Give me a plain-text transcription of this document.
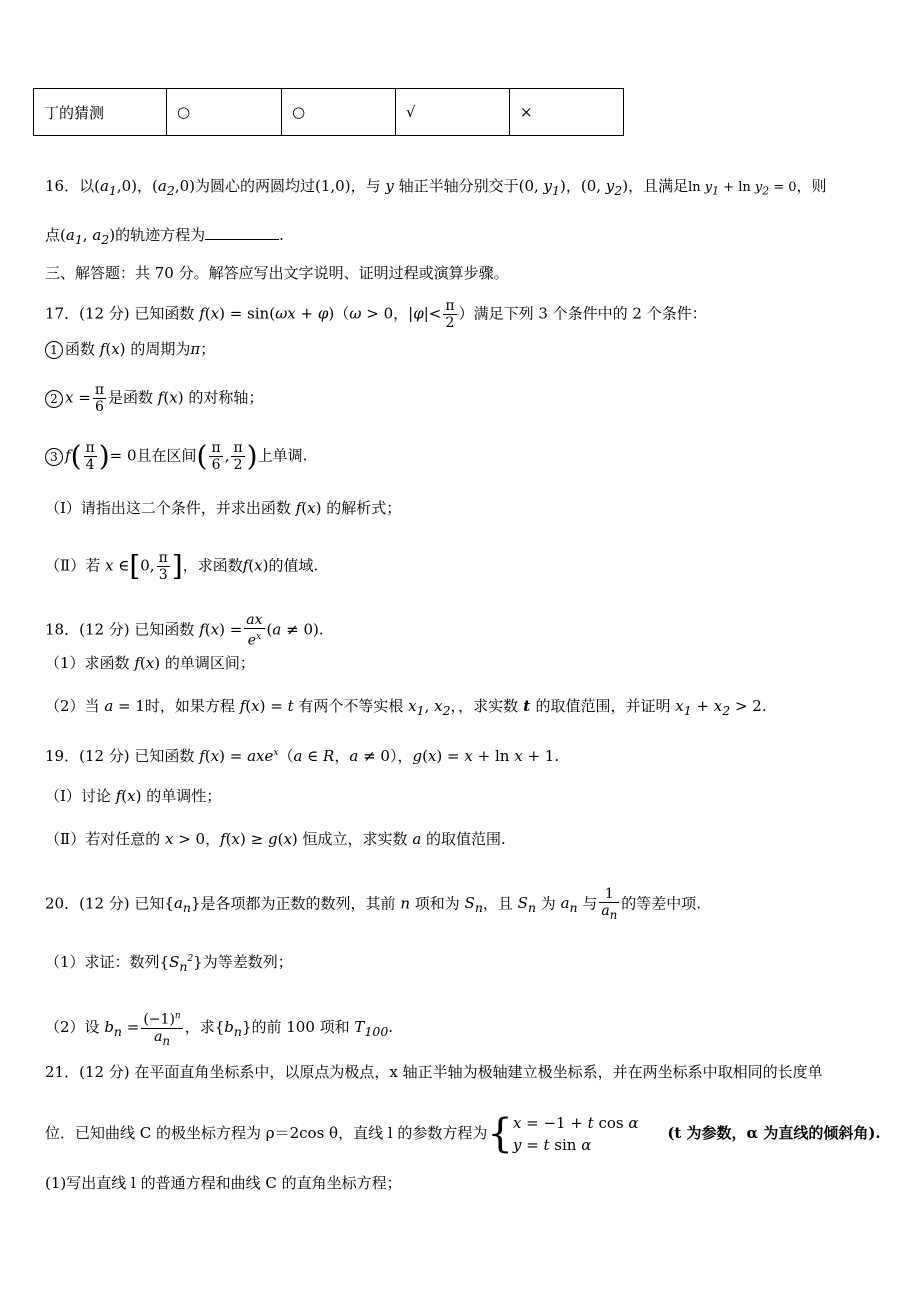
丁的猜测	○	○	√	×
16．以$(a_1,0)$，$(a_2,0)$为圆心的两圆均过(1,0)，与 y 轴正半轴分别交于(0, $y_1$)，(0, $y_2$)，且满足$\ln y_1 + \ln y_2 = 0$，则
点($a_1$, $a_2$)的轨迹方程为	.
三、解答题：共 70 分。解答应写出文字说明、证明过程或演算步骤。
17．(12 分) 已知函数 f(x) = sin(ωx + φ)（ω > 0，$|\varphi|< \frac{\pi}{2}$ ）满足下列 3 个条件中的 2 个条件：
1 函数 f(x) 的周期为π；
2 $x = \frac{\pi}{6}$ 是函数 f(x) 的对称轴；
3 $f( \frac{\pi}{4}$ )= 0且在区间( $\frac{\pi}{6}$ , $\frac{\pi}{2}$ )上单调.
（Ⅰ）请指出这二个条件，并求出函数 f(x) 的解析式；
（Ⅱ）若 x ∈[0, $\frac{\pi}{3}$ ]，求函数f(x)的值域.
18．(12 分) 已知函数 $f(x) = \frac{ax}{e^x} (a \ne 0)$.
（1）求函数 f(x) 的单调区间；
（2）当 a = 1时，如果方程 f(x) = t 有两个不等实根 $x_1$, $x_2$，，求实数 t 的取值范围，并证明 $x_1 + x_2 > 2$.
19．(12 分) 已知函数 f(x) = axe$^x$（a ∈ R，a ≠ 0），g(x) = x + ln x + 1.
（Ⅰ）讨论 f(x) 的单调性；
（Ⅱ）若对任意的 x > 0，f(x) ≥ g(x) 恒成立，求实数 a 的取值范围.
20．(12 分) 已知$\{a_n\}$是各项都为正数的数列，其前 n 项和为 $S_n$，且 $S_n$ 为 $a_n$ 与 $\frac{1}{a_n}$ 的等差中项.
（1）求证：数列$\{S_n^2\}$为等差数列；
（2）设 $b_n = \frac{(-1)^n}{a_n}$ ，求$\{b_n\}$的前 100 项和 $T_{100}$.
21．(12 分) 在平面直角坐标系中，以原点为极点，x 轴正半轴为极轴建立极坐标系，并在两坐标系中取相同的长度单
位．已知曲线 C 的极坐标方程为 ρ＝2cos θ，直线 l 的参数方程为{ x = −1 + t cos α
y = t sin α
(t 为参数，α 为直线的倾斜角).
(1)写出直线 l 的普通方程和曲线 C 的直角坐标方程；
